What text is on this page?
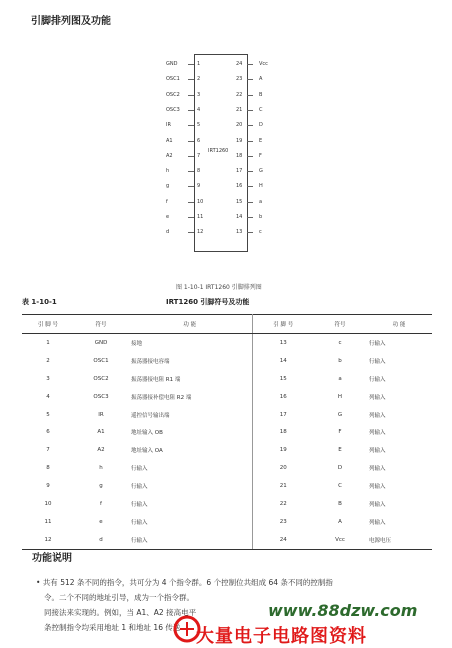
引脚排列图及功能
IRT1260
GND	1
OSC1	2
OSC2	3
OSC3	4
IR	5
A1	6
A2	7
h	8
g	9
f	10
e	11
d	12
24	Vcc
23	A
22	B
21	C
20	D
19	E
18	F
17	G
16	H
15	a
14	b
13	c
图 1-10-1 IRT1260 引脚排列图
表 1-10-1	IRT1260 引脚符号及功能
引 脚 号	符号	功 能	引 脚 号	符号	功 能
1	GND	接地	13	c	行输入
2	OSC1	振荡器接电容端	14	b	行输入
3	OSC2	振荡器接电阻 R1 端	15	a	行输入
4	OSC3	振荡器接补偿电阻 R2 端	16	H	列输入
5	IR	遥控信号输出端	17	G	列输入
6	A1	地址输入 OB	18	F	列输入
7	A2	地址输入 OA	19	E	列输入
8	h	行输入	20	D	列输入
9	g	行输入	21	C	列输入
10	f	行输入	22	B	列输入
11	e	行输入	23	A	列输入
12	d	行输入	24	Vcc	电源电压
功能说明
• 共有 512 条不同的指令，共可分为 4 个指令群。6 个控制位共组成 64 条不同的控制指
令。二个不同的地址引导，成为一个指令群。
同接法来实现的。例如，当 A1、A2 接高电平
条控制指令均采用地址 1 和地址 16 传送
www.88dzw.com
大量电子电路图资料
